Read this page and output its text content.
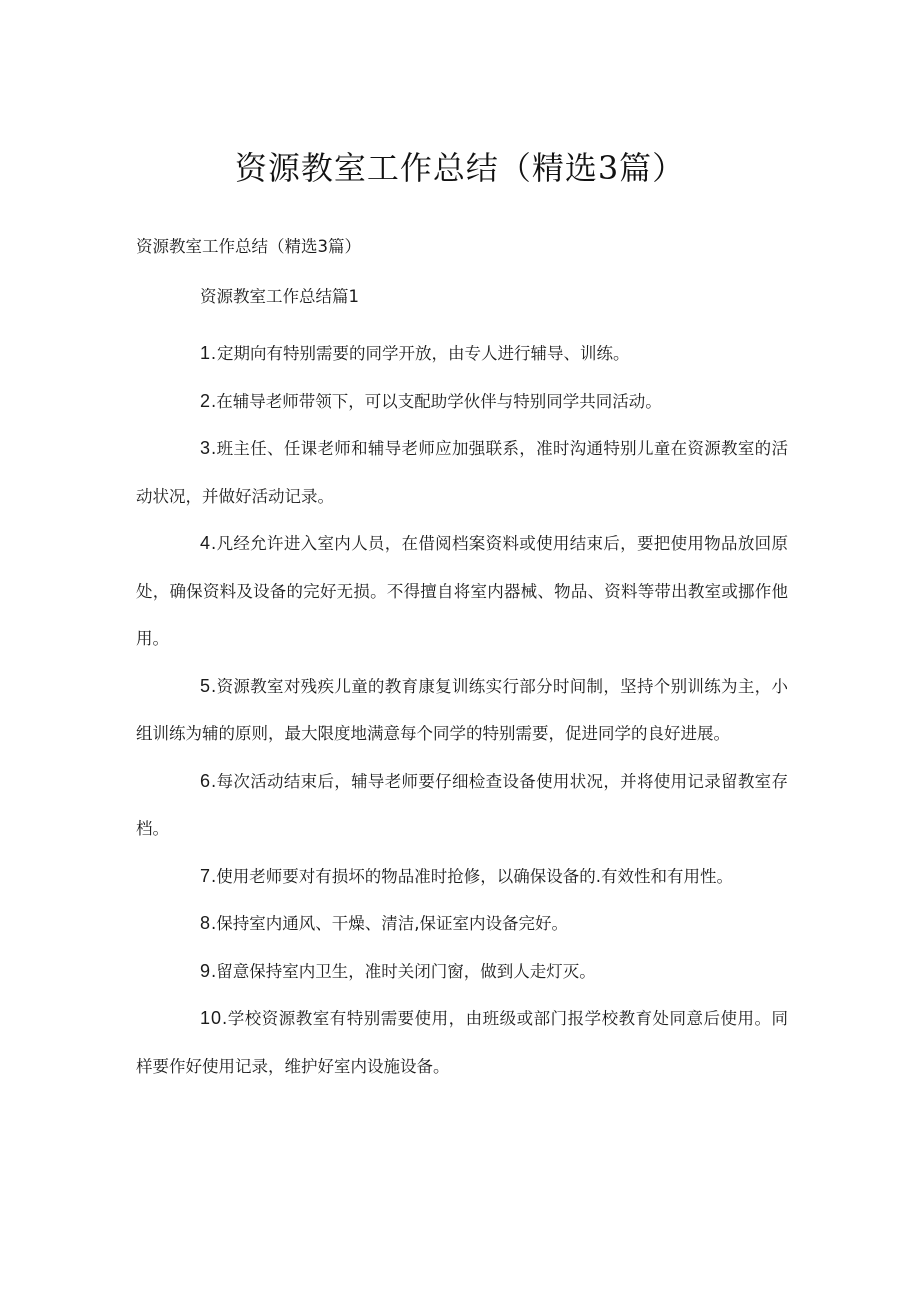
资源教室工作总结（精选3篇）

资源教室工作总结（精选3篇）

资源教室工作总结篇1

1.定期向有特别需要的同学开放，由专人进行辅导、训练。

2.在辅导老师带领下，可以支配助学伙伴与特别同学共同活动。

3.班主任、任课老师和辅导老师应加强联系，准时沟通特别儿童在资源教室的活动状况，并做好活动记录。

4.凡经允许进入室内人员，在借阅档案资料或使用结束后，要把使用物品放回原处，确保资料及设备的完好无损。不得擅自将室内器械、物品、资料等带出教室或挪作他用。

5.资源教室对残疾儿童的教育康复训练实行部分时间制，坚持个别训练为主，小组训练为辅的原则，最大限度地满意每个同学的特别需要，促进同学的良好进展。

6.每次活动结束后，辅导老师要仔细检查设备使用状况，并将使用记录留教室存档。

7.使用老师要对有损坏的物品准时抢修，以确保设备的.有效性和有用性。

8.保持室内通风、干燥、清洁,保证室内设备完好。

9.留意保持室内卫生，准时关闭门窗，做到人走灯灭。

10.学校资源教室有特别需要使用，由班级或部门报学校教育处同意后使用。同样要作好使用记录，维护好室内设施设备。
